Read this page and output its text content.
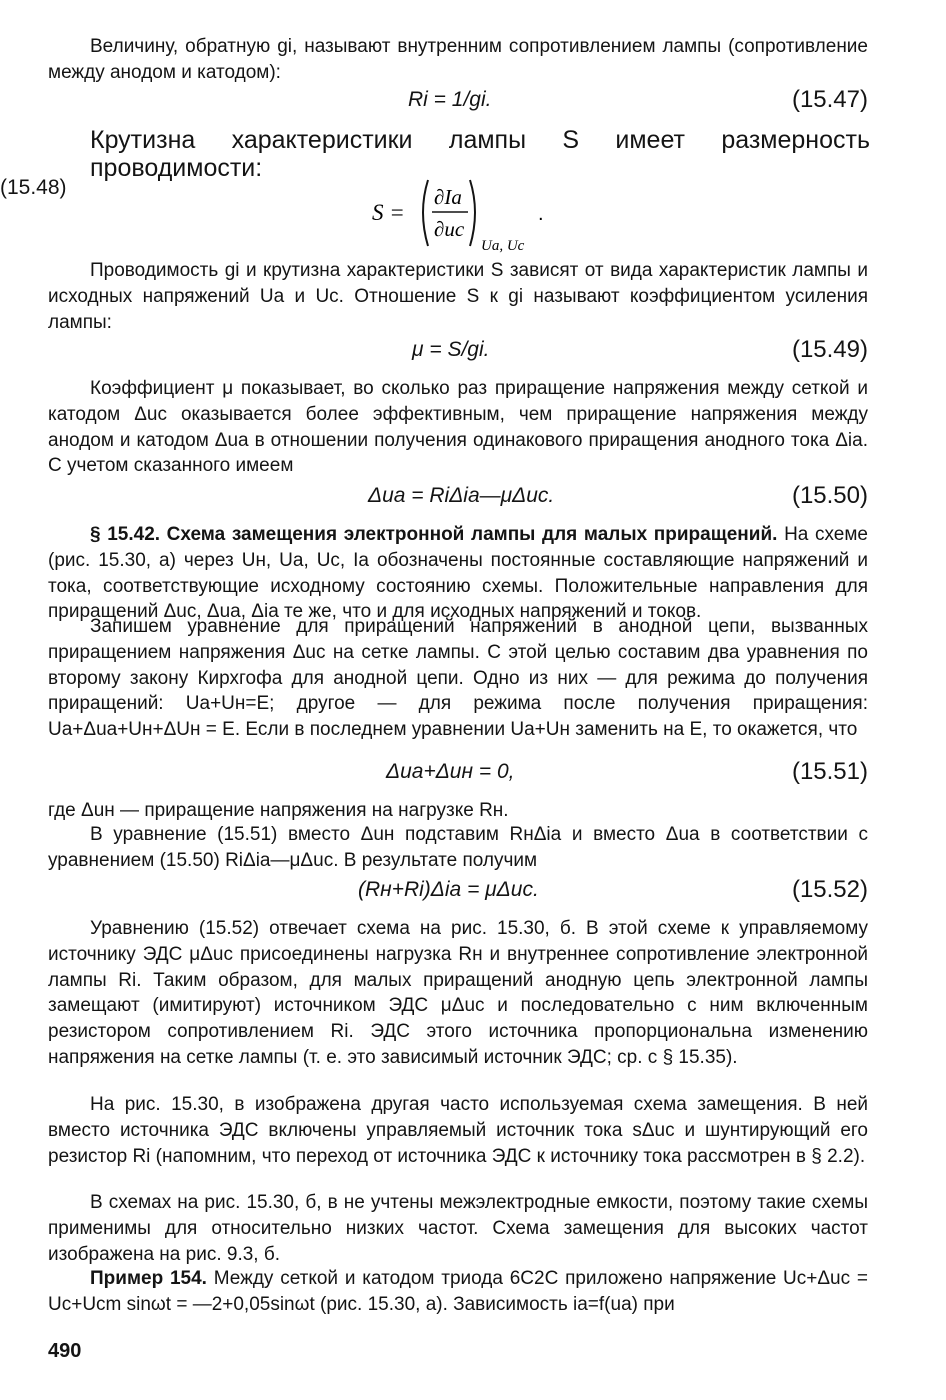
Величину, обратную gi, называют внутренним сопротивлением лампы (сопротивление между анодом и катодом):
Ri = 1/gi.	(15.47)
Крутизна характеристики лампы S имеет размерность проводимости:
S =
∂Ia
∂uc
Ua, Uc
.
(15.48)
Проводимость gi и крутизна характеристики S зависят от вида характеристик лампы и исходных напряжений Ua и Uc. Отношение S к gi называют коэффициентом усиления лампы:
μ = S/gi.	(15.49)
Коэффициент μ показывает, во сколько раз приращение напряжения между сеткой и катодом Δuc оказывается более эффективным, чем приращение напряжения между анодом и катодом Δua в отношении получения одинакового приращения анодного тока Δia. С учетом сказанного имеем
Δua = RiΔia—μΔuc.	(15.50)
§ 15.42. Схема замещения электронной лампы для малых приращений. На схеме (рис. 15.30, а) через Uн, Ua, Uc, Ia обозначены постоянные составляющие напряжений и тока, соответствующие исходному состоянию схемы. Положительные направления для приращений Δuc, Δua, Δia те же, что и для исходных напряжений и токов.
Запишем уравнение для приращений напряжений в анодной цепи, вызванных приращением напряжения Δuc на сетке лампы. С этой целью составим два уравнения по второму закону Кирхгофа для анодной цепи. Одно из них — для режима до получения приращений: Ua+Uн=E; другое — для режима после получения приращения: Ua+Δua+Uн+ΔUн = E. Если в последнем уравнении Ua+Uн заменить на E, то окажется, что
Δua+Δuн = 0,	(15.51)
где Δuн — приращение напряжения на нагрузке Rн.
В уравнение (15.51) вместо Δuн подставим RнΔia и вместо Δua в соответствии с уравнением (15.50) RiΔia—μΔuc. В результате получим
(Rн+Ri)Δia = μΔuc.	(15.52)
Уравнению (15.52) отвечает схема на рис. 15.30, б. В этой схеме к управляемому источнику ЭДС μΔuc присоединены нагрузка Rн и внутреннее сопротивление электронной лампы Ri. Таким образом, для малых приращений анодную цепь электронной лампы замещают (имитируют) источником ЭДС μΔuc и последовательно с ним включенным резистором сопротивлением Ri. ЭДС этого источника пропорциональна изменению напряжения на сетке лампы (т. е. это зависимый источник ЭДС; ср. с § 15.35).
На рис. 15.30, в изображена другая часто используемая схема замещения. В ней вместо источника ЭДС включены управляемый источник тока sΔuc и шунтирующий его резистор Ri (напомним, что переход от источника ЭДС к источнику тока рассмотрен в § 2.2).
В схемах на рис. 15.30, б, в не учтены межэлектродные емкости, поэтому такие схемы применимы для относительно низких частот. Схема замещения для высоких частот изображена на рис. 9.3, б.
Пример 154. Между сеткой и катодом триода 6С2С приложено напряжение Uc+Δuc = Uc+Ucm sinωt = —2+0,05sinωt (рис. 15.30, а). Зависимость ia=f(ua) при
490
